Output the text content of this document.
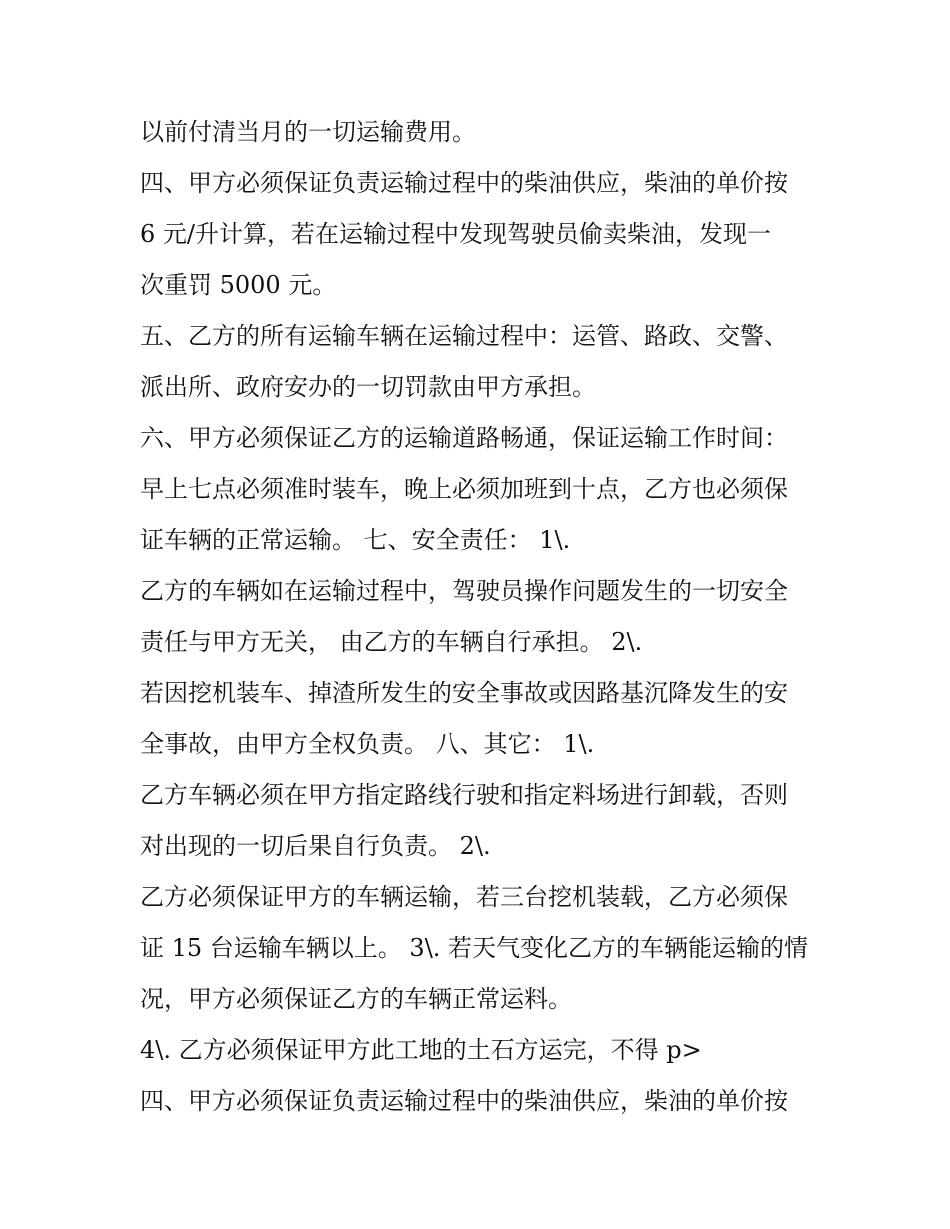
以前付清当月的一切运输费用。
四、甲方必须保证负责运输过程中的柴油供应，柴油的单价按
6 元/升计算，若在运输过程中发现驾驶员偷卖柴油，发现一
次重罚 5000 元。
五、乙方的所有运输车辆在运输过程中：运管、路政、交警、
派出所、政府安办的一切罚款由甲方承担。
六、甲方必须保证乙方的运输道路畅通，保证运输工作时间：
早上七点必须准时装车，晚上必须加班到十点，乙方也必须保
证车辆的正常运输。 七、安全责任： 1\.
乙方的车辆如在运输过程中，驾驶员操作问题发生的一切安全
责任与甲方无关， 由乙方的车辆自行承担。 2\.
若因挖机装车、掉渣所发生的安全事故或因路基沉降发生的安
全事故，由甲方全权负责。 八、其它： 1\.
乙方车辆必须在甲方指定路线行驶和指定料场进行卸载，否则
对出现的一切后果自行负责。 2\.
乙方必须保证甲方的车辆运输，若三台挖机装载，乙方必须保
证 15 台运输车辆以上。 3\. 若天气变化乙方的车辆能运输的情
况，甲方必须保证乙方的车辆正常运料。
4\. 乙方必须保证甲方此工地的土石方运完，不得 p>
四、甲方必须保证负责运输过程中的柴油供应，柴油的单价按
